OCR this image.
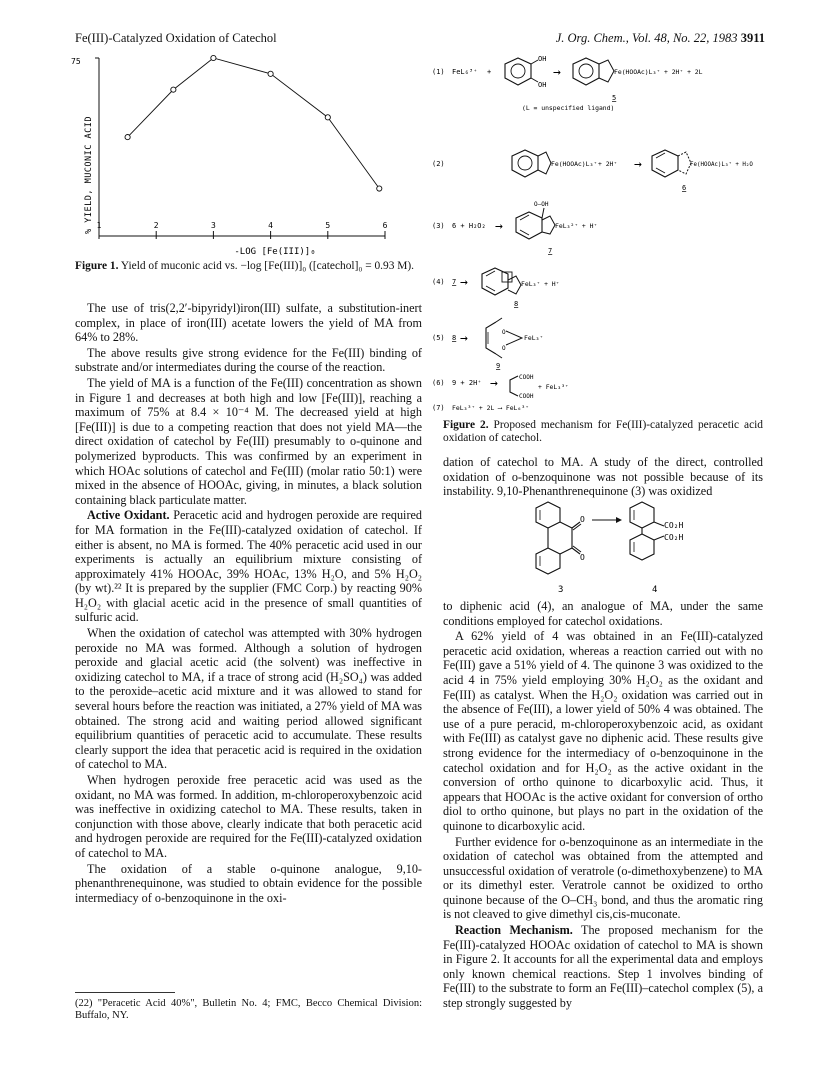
Fe(III)-Catalyzed Oxidation of Catechol	J. Org. Chem., Vol. 48, No. 22, 1983 3911
1	2	3	4	5	6
75
% YIELD, MUCONIC ACID
-LOG [Fe(III)]₀
Figure 1. Yield of muconic acid vs. −log [Fe(III)]₀ ([catechol]₀ = 0.93 M).

The use of tris(2,2′-bipyridyl)iron(III) sulfate, a substitution-inert complex, in place of iron(III) acetate lowers the yield of MA from 64% to 28%.

The above results give strong evidence for the Fe(III) binding of substrate and/or intermediates during the course of the reaction.

The yield of MA is a function of the Fe(III) concentration as shown in Figure 1 and decreases at both high and low [Fe(III)], reaching a maximum of 75% at 8.4 × 10⁻⁴ M. The decreased yield at high [Fe(III)] is due to a competing reaction that does not yield MA—the direct oxidation of catechol by Fe(III) presumably to o-quinone and polymerized byproducts. This was confirmed by an experiment in which HOAc solutions of catechol and Fe(III) (molar ratio 50:1) were mixed in the absence of HOOAc, giving, in minutes, a black solution containing black particulate matter.

Active Oxidant. Peracetic acid and hydrogen peroxide are required for MA formation in the Fe(III)-catalyzed oxidation of catechol. If either is absent, no MA is formed. The 40% peracetic acid used in our experiments is actually an equilibrium mixture consisting of approximately 41% HOOAc, 39% HOAc, 13% H₂O, and 5% H₂O₂ (by wt).²² It is prepared by the supplier (FMC Corp.) by reacting 90% H₂O₂ with glacial acetic acid in the presence of small quantities of sulfuric acid.

When the oxidation of catechol was attempted with 30% hydrogen peroxide no MA was formed. Although a solution of hydrogen peroxide and glacial acetic acid (the solvent) was ineffective in oxidizing catechol to MA, if a trace of strong acid (H₂SO₄) was added to the peroxide–acetic acid mixture and it was allowed to stand for several hours before the reaction was initiated, a 27% yield of MA was obtained. The strong acid and waiting period allowed significant equilibrium quantities of peracetic acid to accumulate. These results clearly support the idea that peracetic acid is required in the oxidation of catechol to MA.

When hydrogen peroxide free peracetic acid was used as the oxidant, no MA was formed. In addition, m-chloroperoxybenzoic acid was ineffective in oxidizing catechol to MA. These results, taken in conjunction with those above, clearly indicate that both peracetic acid and hydrogen peroxide are required for the Fe(III)-catalyzed oxidation of catechol to MA.

The oxidation of a stable o-quinone analogue, 9,10-phenanthrenequinone, was studied to obtain evidence for the possible intermediacy of o-benzoquinone in the oxi-

(22) "Peracetic Acid 40%", Bulletin No. 4; FMC, Becco Chemical Division: Buffalo, NY.
(1) FeL₆³⁺ +
OH
OH
→	Fe(HOOAc)L₃⁺ + 2H⁺ + 2L
5
(L = unspecified ligand)
(2)	Fe(HOOAc)L₃⁺ + 2H⁺ →	Fe(HOOAc)L₃⁺ + H₂O
6
(3) 6 + H₂O₂ →
O–OH
FeL₃²⁺ + H⁺
7
(4) 7 →	FeL₃⁺ + H⁺
8
(5) 8 →	O
O
FeL₃⁺
9
(6) 9 + 2H⁺ →	COOH
COOH
+ FeL₃³⁺
(7) FeL₃³⁺ + 2L ⟶ FeL₆³⁺
Figure 2. Proposed mechanism for Fe(III)-catalyzed peracetic acid oxidation of catechol.

dation of catechol to MA. A study of the direct, controlled oxidation of o-benzoquinone was not possible because of its instability. 9,10-Phenanthrenequinone (3) was oxidized

O
O
CO₂H
CO₂H
3	4

to diphenic acid (4), an analogue of MA, under the same conditions employed for catechol oxidations.

A 62% yield of 4 was obtained in an Fe(III)-catalyzed peracetic acid oxidation, whereas a reaction carried out with no Fe(III) gave a 51% yield of 4. The quinone 3 was oxidized to the acid 4 in 75% yield employing 30% H₂O₂ as the oxidant and Fe(III) as catalyst. When the H₂O₂ oxidation was carried out in the absence of Fe(III), a lower yield of 50% 4 was obtained. The use of a pure peracid, m-chloroperoxybenzoic acid, as oxidant with Fe(III) as catalyst gave no diphenic acid. These results give strong evidence for the intermediacy of o-benzoquinone in the catechol oxidation and for H₂O₂ as the active oxidant in the conversion of ortho quinone to dicarboxylic acid. Thus, it appears that HOOAc is the active oxidant for conversion of ortho diol to ortho quinone, but plays no part in the oxidation of the quinone to dicarboxylic acid.

Further evidence for o-benzoquinone as an intermediate in the oxidation of catechol was obtained from the attempted and unsuccessful oxidation of veratrole (o-dimethoxybenzene) to MA or its dimethyl ester. Veratrole cannot be oxidized to ortho quinone because of the O–CH₃ bond, and thus the aromatic ring is not cleaved to give dimethyl cis,cis-muconate.

Reaction Mechanism. The proposed mechanism for the Fe(III)-catalyzed HOOAc oxidation of catechol to MA is shown in Figure 2. It accounts for all the experimental data and employs only known chemical reactions. Step 1 involves binding of Fe(III) to the substrate to form an Fe(III)–catechol complex (5), a step strongly suggested by
